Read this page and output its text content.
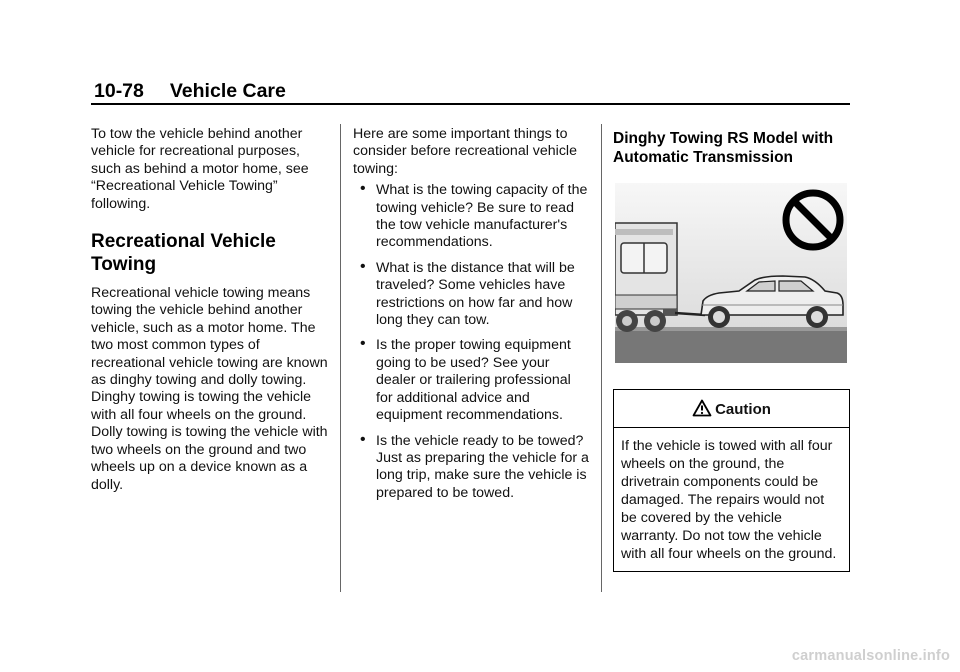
10-78 Vehicle Care

To tow the vehicle behind another vehicle for recreational purposes, such as behind a motor home, see “Recreational Vehicle Towing” following.

Recreational Vehicle Towing

Recreational vehicle towing means towing the vehicle behind another vehicle, such as a motor home. The two most common types of recreational vehicle towing are known as dinghy towing and dolly towing. Dinghy towing is towing the vehicle with all four wheels on the ground. Dolly towing is towing the vehicle with two wheels on the ground and two wheels up on a device known as a dolly.

Here are some important things to consider before recreational vehicle towing:

• What is the towing capacity of the towing vehicle? Be sure to read the tow vehicle manufacturer's recommendations.
• What is the distance that will be traveled? Some vehicles have restrictions on how far and how long they can tow.
• Is the proper towing equipment going to be used? See your dealer or trailering professional for additional advice and equipment recommendations.
• Is the vehicle ready to be towed? Just as preparing the vehicle for a long trip, make sure the vehicle is prepared to be towed.
Dinghy Towing RS Model with Automatic Transmission
Caution
If the vehicle is towed with all four wheels on the ground, the drivetrain components could be damaged. The repairs would not be covered by the vehicle warranty. Do not tow the vehicle with all four wheels on the ground.
carmanualsonline.info
